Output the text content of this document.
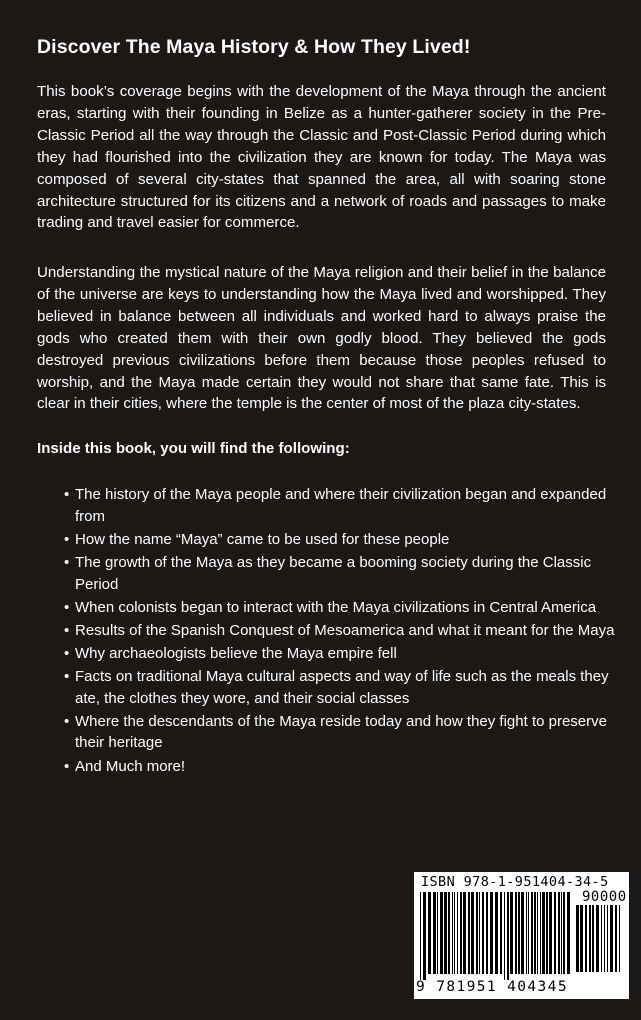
Discover The Maya History & How They Lived!

This book’s coverage begins with the development of the Maya through the ancient eras, starting with their founding in Belize as a hunter-gatherer society in the Pre-Classic Period all the way through the Classic and Post-Classic Period during which they had flourished into the civilization they are known for today. The Maya was composed of several city-states that spanned the area, all with soaring stone architecture structured for its citizens and a network of roads and passages to make trading and travel easier for commerce.

Understanding the mystical nature of the Maya religion and their belief in the balance of the universe are keys to understanding how the Maya lived and worshipped. They believed in balance between all individuals and worked hard to always praise the gods who created them with their own godly blood. They believed the gods destroyed previous civilizations before them because those peoples refused to worship, and the Maya made certain they would not share that same fate. This is clear in their cities, where the temple is the center of most of the plaza city-states.

Inside this book, you will find the following:

• The history of the Maya people and where their civilization began and expanded from
• How the name “Maya” came to be used for these people
• The growth of the Maya as they became a booming society during the Classic Period
• When colonists began to interact with the Maya civilizations in Central America
• Results of the Spanish Conquest of Mesoamerica and what it meant for the Maya
• Why archaeologists believe the Maya empire fell
• Facts on traditional Maya cultural aspects and way of life such as the meals they ate, the clothes they wore, and their social classes
• Where the descendants of the Maya reside today and how they fight to preserve their heritage
• And Much more!

ISBN 978-1-951404-34-5

90000
9 781951 404345
